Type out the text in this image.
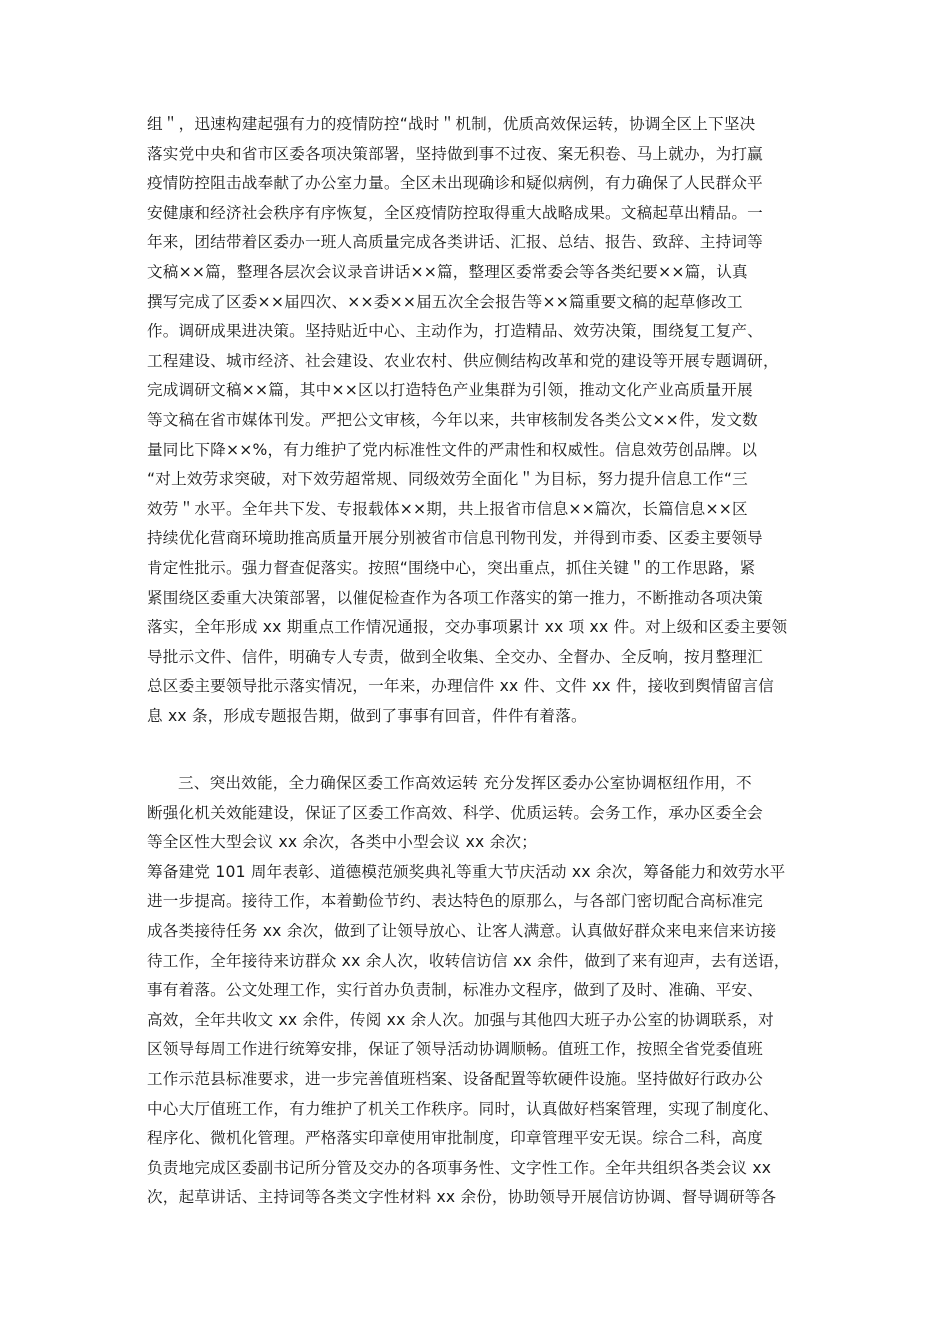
组＂，迅速构建起强有力的疫情防控“战时＂机制，优质高效保运转，协调全区上下坚决
落实党中央和省市区委各项决策部署，坚持做到事不过夜、案无积卷、马上就办，为打赢
疫情防控阻击战奉献了办公室力量。全区未出现确诊和疑似病例，有力确保了人民群众平
安健康和经济社会秩序有序恢复，全区疫情防控取得重大战略成果。文稿起草出精品。一
年来，团结带着区委办一班人高质量完成各类讲话、汇报、总结、报告、致辞、主持词等
文稿××篇，整理各层次会议录音讲话××篇，整理区委常委会等各类纪要××篇，认真
撰写完成了区委××届四次、××委××届五次全会报告等××篇重要文稿的起草修改工
作。调研成果进决策。坚持贴近中心、主动作为，打造精品、效劳决策，围绕复工复产、
工程建设、城市经济、社会建设、农业农村、供应侧结构改革和党的建设等开展专题调研，
完成调研文稿××篇，其中××区以打造特色产业集群为引领，推动文化产业高质量开展
等文稿在省市媒体刊发。严把公文审核，今年以来，共审核制发各类公文××件，发文数
量同比下降××%，有力维护了党内标准性文件的严肃性和权威性。信息效劳创品牌。以
“对上效劳求突破，对下效劳超常规、同级效劳全面化＂为目标，努力提升信息工作“三
效劳＂水平。全年共下发、专报载体××期，共上报省市信息××篇次，长篇信息××区
持续优化营商环境助推高质量开展分别被省市信息刊物刊发，并得到市委、区委主要领导
肯定性批示。强力督查促落实。按照“围绕中心，突出重点，抓住关键＂的工作思路，紧
紧围绕区委重大决策部署，以催促检查作为各项工作落实的第一推力，不断推动各项决策
落实，全年形成 xx 期重点工作情况通报，交办事项累计 xx 项 xx 件。对上级和区委主要领
导批示文件、信件，明确专人专责，做到全收集、全交办、全督办、全反响，按月整理汇
总区委主要领导批示落实情况，一年来，办理信件 xx 件、文件 xx 件，接收到舆情留言信
息 xx 条，形成专题报告期，做到了事事有回音，件件有着落。
三、突出效能，全力确保区委工作高效运转 充分发挥区委办公室协调枢纽作用，不
断强化机关效能建设，保证了区委工作高效、科学、优质运转。会务工作，承办区委全会
等全区性大型会议 xx 余次，各类中小型会议 xx 余次；
筹备建党 101 周年表彰、道德模范颁奖典礼等重大节庆活动 xx 余次，筹备能力和效劳水平
进一步提高。接待工作，本着勤俭节约、表达特色的原那么，与各部门密切配合高标准完
成各类接待任务 xx 余次，做到了让领导放心、让客人满意。认真做好群众来电来信来访接
待工作，全年接待来访群众 xx 余人次，收转信访信 xx 余件，做到了来有迎声，去有送语，
事有着落。公文处理工作，实行首办负责制，标准办文程序，做到了及时、准确、平安、
高效，全年共收文 xx 余件，传阅 xx 余人次。加强与其他四大班子办公室的协调联系，对
区领导每周工作进行统筹安排，保证了领导活动协调顺畅。值班工作，按照全省党委值班
工作示范县标准要求，进一步完善值班档案、设备配置等软硬件设施。坚持做好行政办公
中心大厅值班工作，有力维护了机关工作秩序。同时，认真做好档案管理，实现了制度化、
程序化、微机化管理。严格落实印章使用审批制度，印章管理平安无误。综合二科，高度
负责地完成区委副书记所分管及交办的各项事务性、文字性工作。全年共组织各类会议 xx
次，起草讲话、主持词等各类文字性材料 xx 余份，协助领导开展信访协调、督导调研等各
